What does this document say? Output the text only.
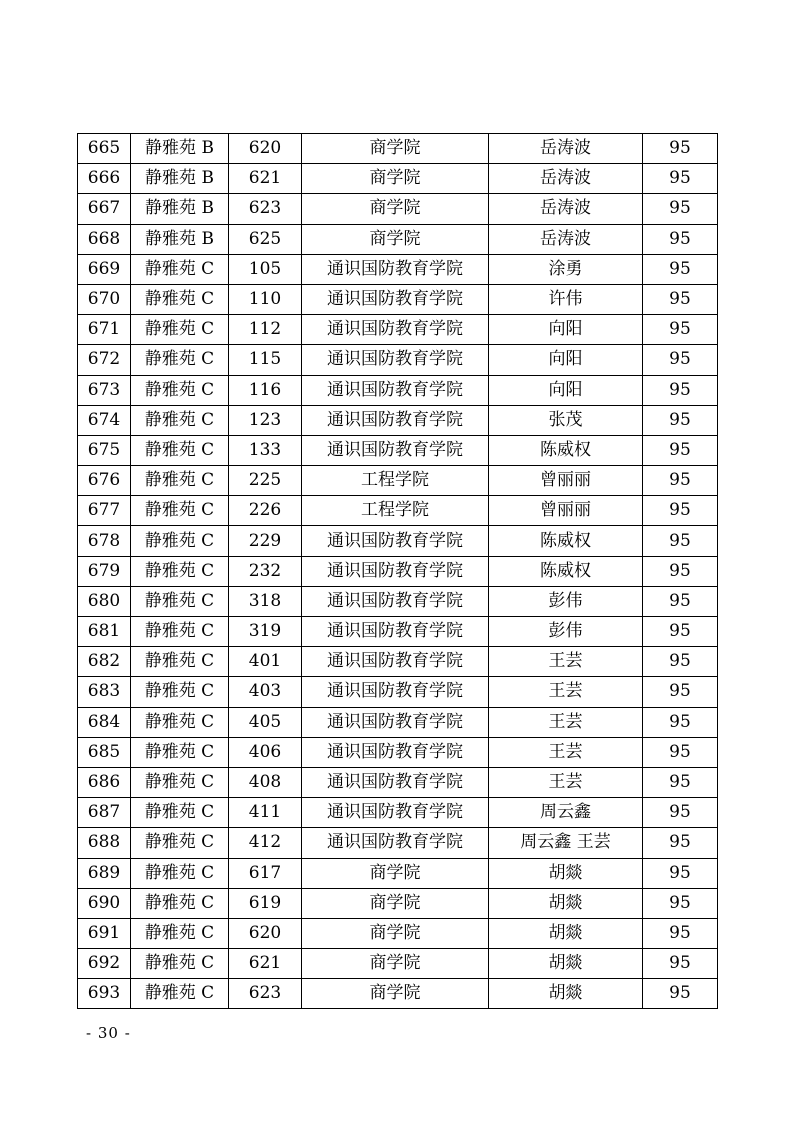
665	静雅苑 B	620	商学院	岳涛波	95
666	静雅苑 B	621	商学院	岳涛波	95
667	静雅苑 B	623	商学院	岳涛波	95
668	静雅苑 B	625	商学院	岳涛波	95
669	静雅苑 C	105	通识国防教育学院	涂勇	95
670	静雅苑 C	110	通识国防教育学院	许伟	95
671	静雅苑 C	112	通识国防教育学院	向阳	95
672	静雅苑 C	115	通识国防教育学院	向阳	95
673	静雅苑 C	116	通识国防教育学院	向阳	95
674	静雅苑 C	123	通识国防教育学院	张茂	95
675	静雅苑 C	133	通识国防教育学院	陈威权	95
676	静雅苑 C	225	工程学院	曾丽丽	95
677	静雅苑 C	226	工程学院	曾丽丽	95
678	静雅苑 C	229	通识国防教育学院	陈威权	95
679	静雅苑 C	232	通识国防教育学院	陈威权	95
680	静雅苑 C	318	通识国防教育学院	彭伟	95
681	静雅苑 C	319	通识国防教育学院	彭伟	95
682	静雅苑 C	401	通识国防教育学院	王芸	95
683	静雅苑 C	403	通识国防教育学院	王芸	95
684	静雅苑 C	405	通识国防教育学院	王芸	95
685	静雅苑 C	406	通识国防教育学院	王芸	95
686	静雅苑 C	408	通识国防教育学院	王芸	95
687	静雅苑 C	411	通识国防教育学院	周云鑫	95
688	静雅苑 C	412	通识国防教育学院	周云鑫 王芸	95
689	静雅苑 C	617	商学院	胡燚	95
690	静雅苑 C	619	商学院	胡燚	95
691	静雅苑 C	620	商学院	胡燚	95
692	静雅苑 C	621	商学院	胡燚	95
693	静雅苑 C	623	商学院	胡燚	95
- 30 -
